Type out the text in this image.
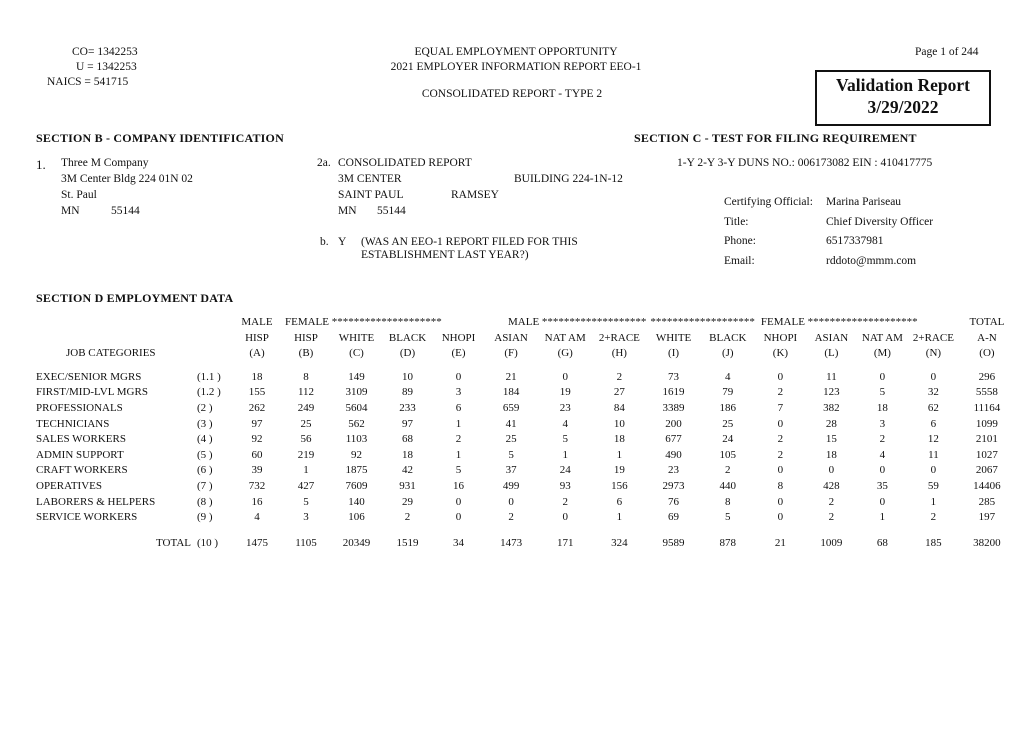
CO= 1342253
U = 1342253
NAICS = 541715
EQUAL EMPLOYMENT OPPORTUNITY
2021 EMPLOYER INFORMATION REPORT EEO-1
CONSOLIDATED REPORT - TYPE 2
Page 1 of 244
Validation Report
3/29/2022
SECTION B - COMPANY IDENTIFICATION	SECTION C - TEST FOR FILING REQUIREMENT
1. Three M Company
3M Center Bldg 224 01N 02
St. Paul
MN	55144
2a. CONSOLIDATED REPORT
3M CENTER	BUILDING 224-1N-12
SAINT PAUL	RAMSEY
MN 55144
b. Y (WAS AN EEO-1 REPORT FILED FOR THIS
ESTABLISHMENT LAST YEAR?)
1-Y 2-Y 3-Y DUNS NO.: 006173082 EIN : 410417775
Certifying Official: Marina Pariseau
Title:	Chief Diversity Officer
Phone:	6517337981
Email:	rddoto@mmm.com
SECTION D EMPLOYMENT DATA
		MALE	FEMALE ********************				MALE *******************			*******************		FEMALE ********************				TOTAL
		HISP	HISP	WHITE	BLACK	NHOPI	ASIAN	NAT AM	2+RACE	WHITE	BLACK	NHOPI	ASIAN	NAT AM	2+RACE	A-N
JOB CATEGORIES		(A)	(B)	(C)	(D)	(E)	(F)	(G)	(H)	(I)	(J)	(K)	(L)	(M)	(N)	(O)

EXEC/SENIOR MGRS	(1.1 )	18	8	149	10	0	21	0	2	73	4	0	11	0	0	296
FIRST/MID-LVL MGRS	(1.2 )	155	112	3109	89	3	184	19	27	1619	79	2	123	5	32	5558
PROFESSIONALS	(2 )	262	249	5604	233	6	659	23	84	3389	186	7	382	18	62	11164
TECHNICIANS	(3 )	97	25	562	97	1	41	4	10	200	25	0	28	3	6	1099
SALES WORKERS	(4 )	92	56	1103	68	2	25	5	18	677	24	2	15	2	12	2101
ADMIN SUPPORT	(5 )	60	219	92	18	1	5	1	1	490	105	2	18	4	11	1027
CRAFT WORKERS	(6 )	39	1	1875	42	5	37	24	19	23	2	0	0	0	0	2067
OPERATIVES	(7 )	732	427	7609	931	16	499	93	156	2973	440	8	428	35	59	14406
LABORERS & HELPERS	(8 )	16	5	140	29	0	0	2	6	76	8	0	2	0	1	285
SERVICE WORKERS	(9 )	4	3	106	2	0	2	0	1	69	5	0	2	1	2	197
TOTAL	(10 )	1475	1105	20349	1519	34	1473	171	324	9589	878	21	1009	68	185	38200
